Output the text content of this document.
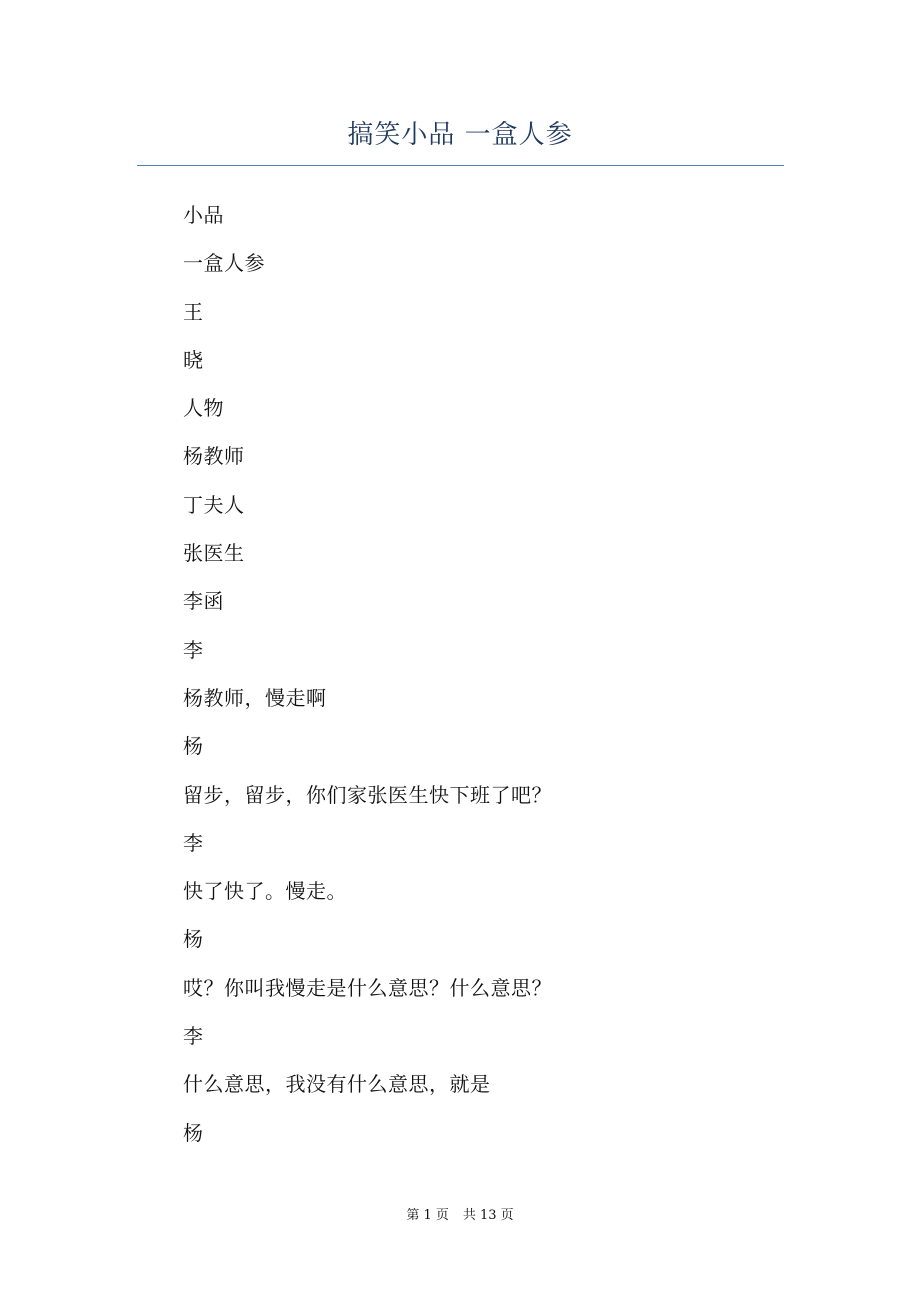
搞笑小品 一盒人参
小品
一盒人参
王
晓
人物
杨教师
丁夫人
张医生
李函
李
杨教师，慢走啊
杨
留步，留步，你们家张医生快下班了吧？
李
快了快了。慢走。
杨
哎？你叫我慢走是什么意思？什么意思？
李
什么意思，我没有什么意思，就是
杨
第 1 页 共 13 页
